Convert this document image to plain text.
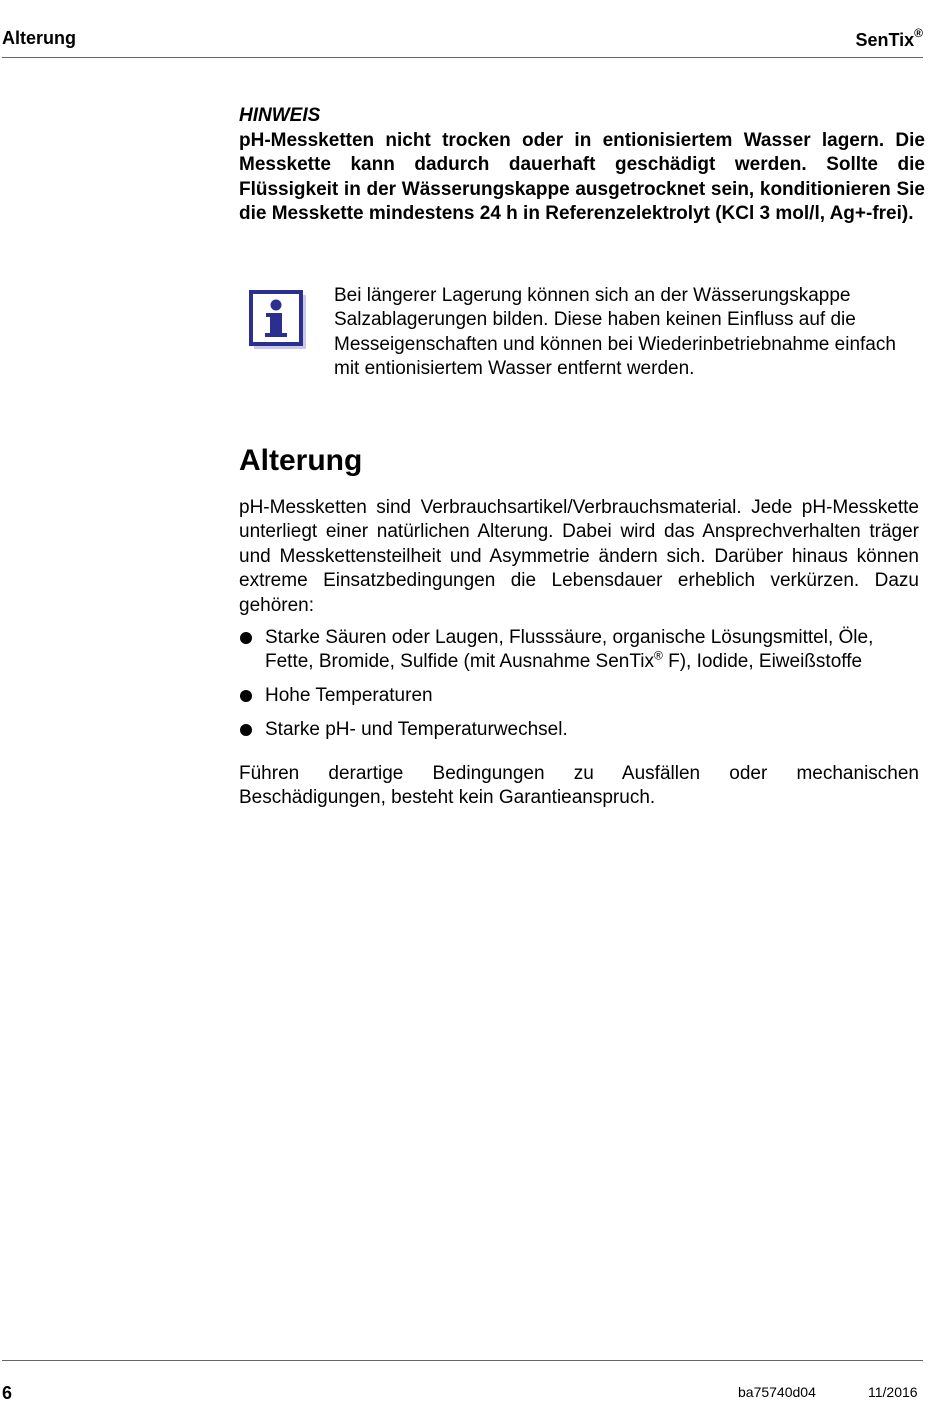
Alterung	SenTix®
HINWEIS
pH-Messketten nicht trocken oder in entionisiertem Wasser lagern. Die Messkette kann dadurch dauerhaft geschädigt werden. Sollte die Flüssigkeit in der Wässerungskappe ausgetrocknet sein, konditionieren Sie die Messkette mindestens 24 h in Referenzelektrolyt (KCl 3 mol/l, Ag+-frei).
Bei längerer Lagerung können sich an der Wässerungskappe Salzablagerungen bilden. Diese haben keinen Einfluss auf die Messeigenschaften und können bei Wiederinbetriebnahme einfach mit entionisiertem Wasser entfernt werden.
Alterung
pH-Messketten sind Verbrauchsartikel/Verbrauchsmaterial. Jede pH-Messkette unterliegt einer natürlichen Alterung. Dabei wird das Ansprechverhalten träger und Messkettensteilheit und Asymmetrie ändern sich. Darüber hinaus können extreme Einsatzbedingungen die Lebensdauer erheblich verkürzen. Dazu gehören:
Starke Säuren oder Laugen, Flusssäure, organische Lösungsmittel, Öle, Fette, Bromide, Sulfide (mit Ausnahme SenTix® F), Iodide, Eiweißstoffe
Hohe Temperaturen
Starke pH- und Temperaturwechsel.
Führen derartige Bedingungen zu Ausfällen oder mechanischen Beschädigungen, besteht kein Garantieanspruch.
6	ba75740d04	11/2016
